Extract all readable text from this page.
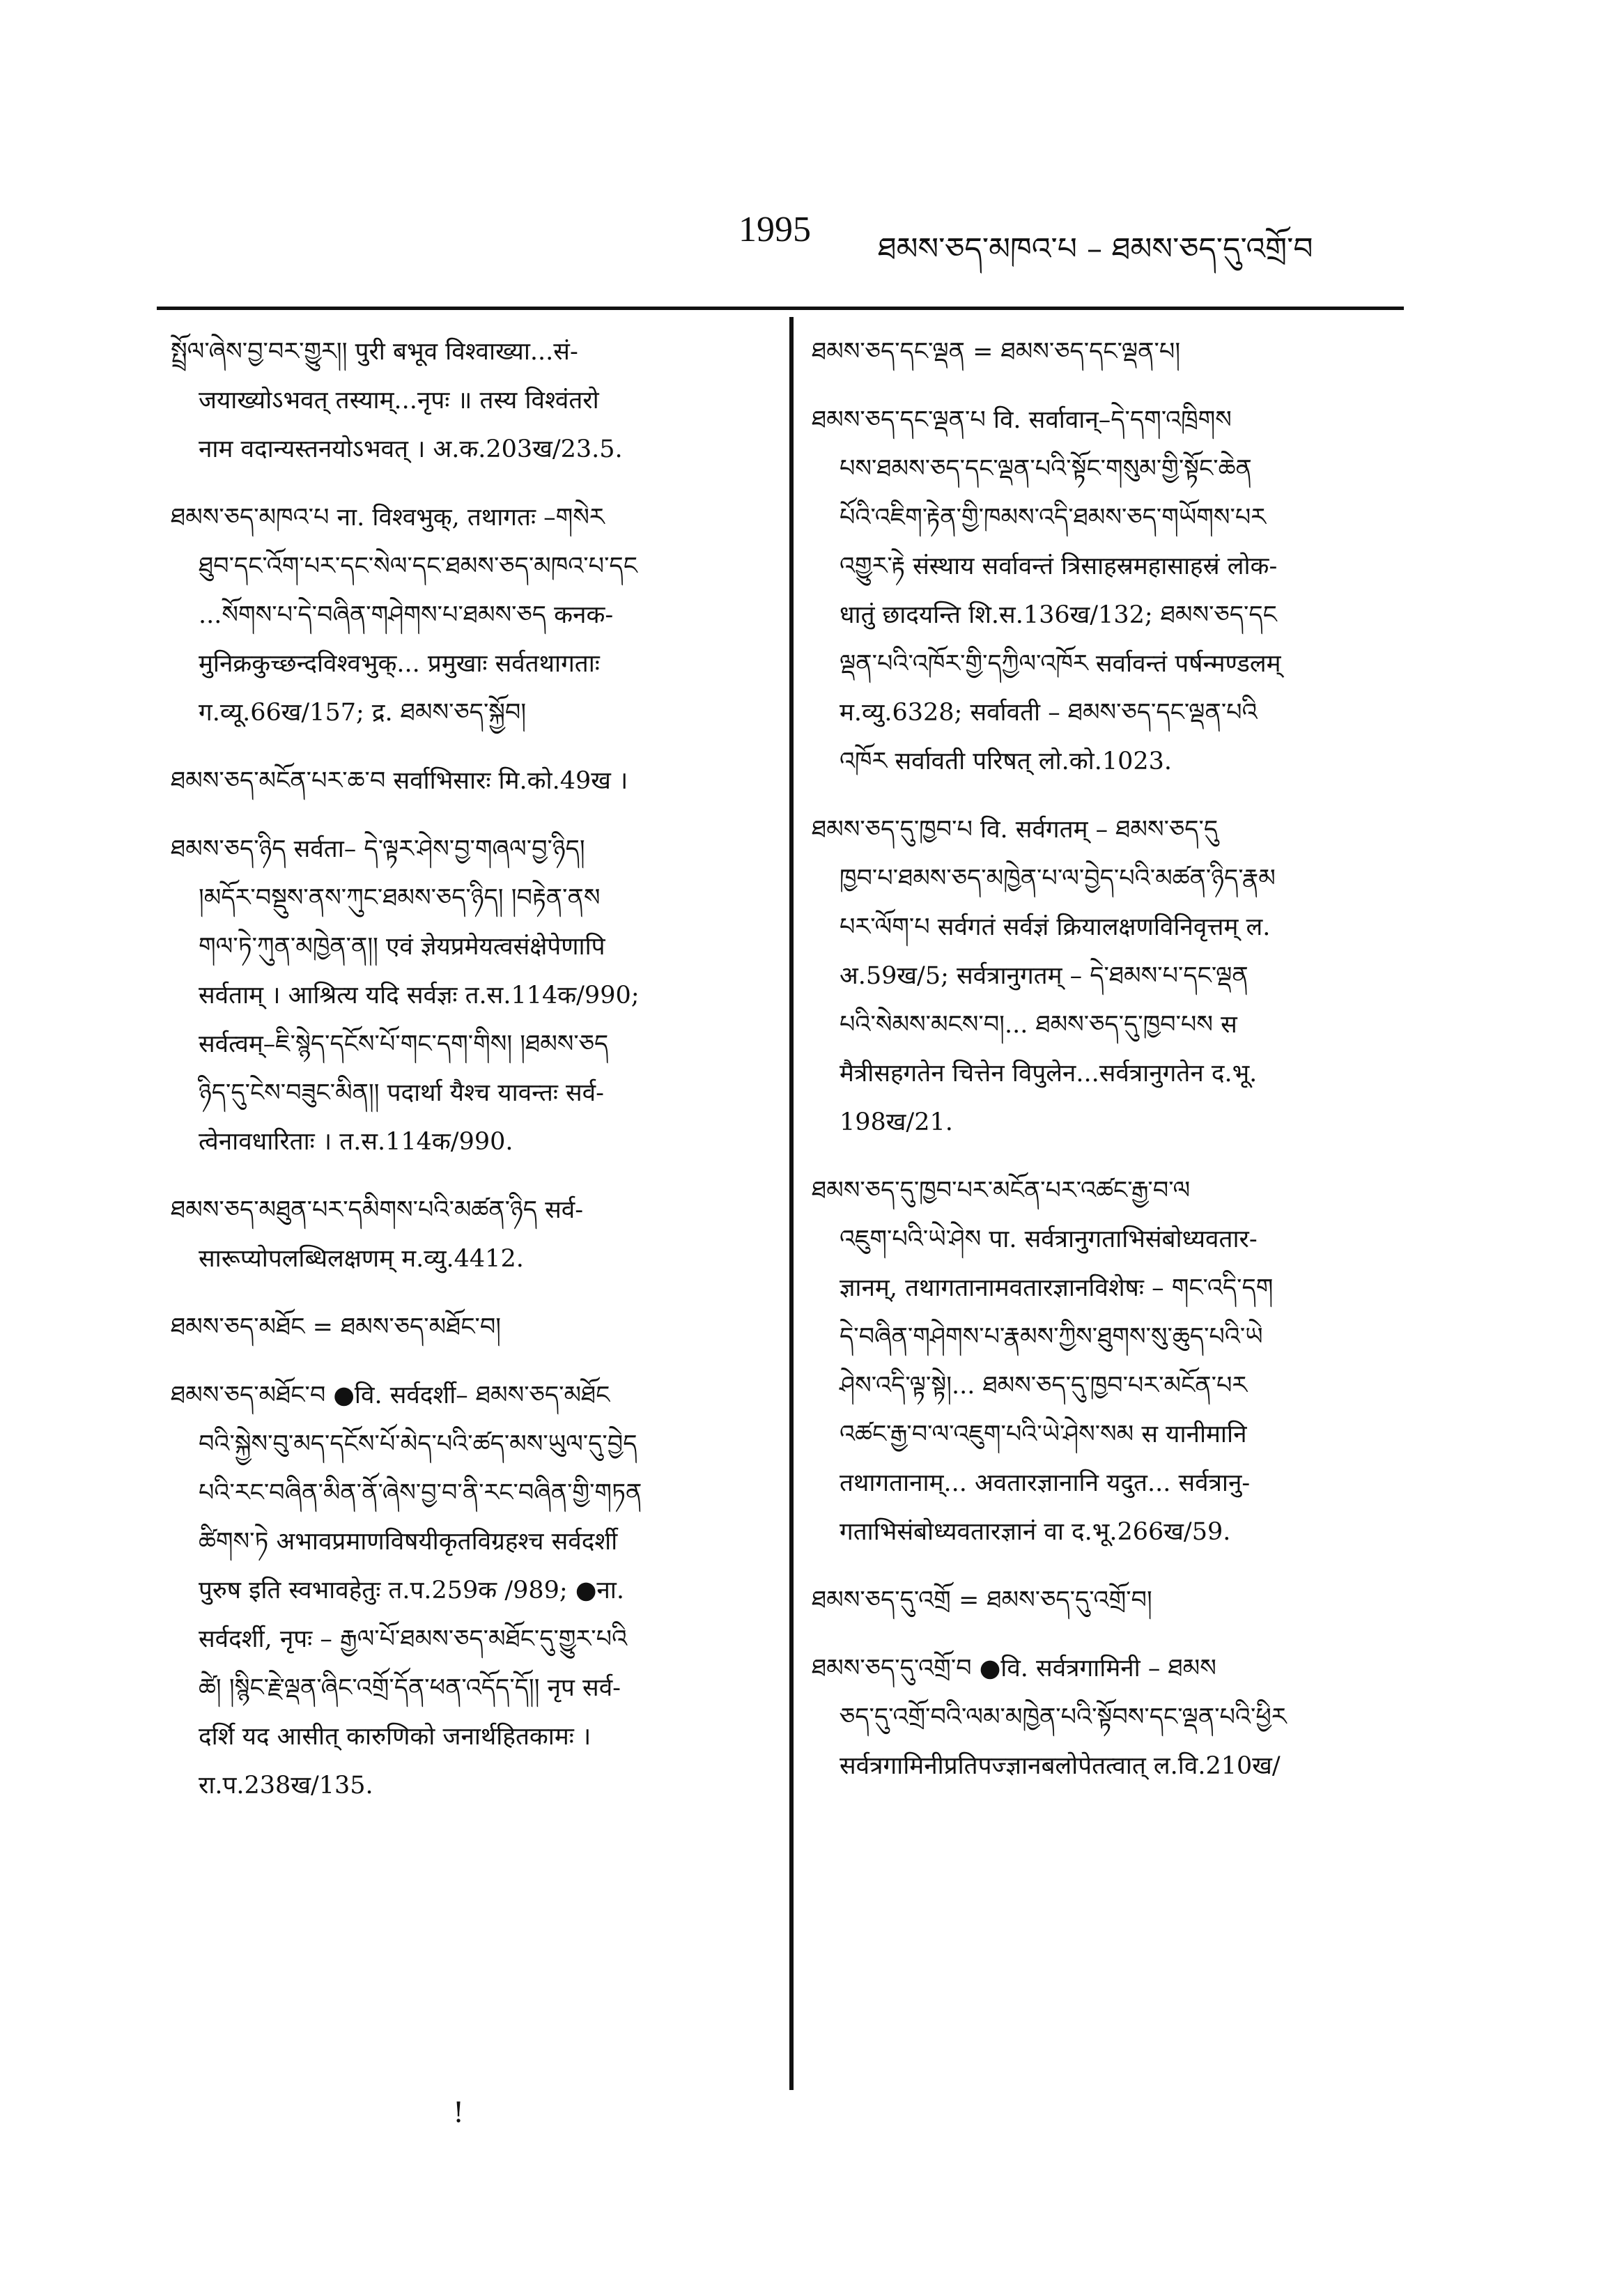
1995 ཐམས་ཅད་མཁའ་པ – ཐམས་ཅད་དུ་འགྲོ་བ
སྤྲོལ་ཞེས་བྱ་བར་གྱུར།། पुरी बभूव विश्वाख्या...सं-
जयाख्योऽभवत् तस्याम्...नृपः ॥ तस्य विश्वंतरो
नाम वदान्यस्तनयोऽभवत् । अ.क.203ख/23.5.
ཐམས་ཅད་མཁའ་པ ना. विश्वभुक्, तथागतः –གསེར
ཐུབ་དང་འོག་པར་དང་སེལ་དང་ཐམས་ཅད་མཁའ་པ་དང
...སོགས་པ་དེ་བཞིན་གཤེགས་པ་ཐམས་ཅད कनक-
मुनिक्रकुच्छन्दविश्वभुक्... प्रमुखाः सर्वतथागताः
ग.व्यू.66ख/157; द्र. ཐམས་ཅད་སྐྱོབ།
ཐམས་ཅད་མངོན་པར་ཆ་བ सर्वाभिसारः मि.को.49ख ।
ཐམས་ཅད་ཉིད सर्वता– དེ་ལྟར་ཤེས་བྱ་གཞལ་བྱ་ཉིད།
།མདོར་བསྡུས་ནས་ཀུང་ཐམས་ཅད་ཉིད། །བརྟེན་ནས
གལ་ཏེ་ཀུན་མཁྱེན་ན།། एवं ज्ञेयप्रमेयत्वसंक्षेपेणापि
सर्वताम् । आश्रित्य यदि सर्वज्ञः त.स.114क/990;
सर्वत्वम्–ཇི་སྙེད་དངོས་པོ་གང་དག་གིས། །ཐམས་ཅད
ཉིད་དུ་ངེས་བཟུང་མིན།། पदार्था यैश्च यावन्तः सर्व-
त्वेनावधारिताः । त.स.114क/990.
ཐམས་ཅད་མཐུན་པར་དམིགས་པའི་མཚན་ཉིད सर्व-
सारूप्योपलब्धिलक्षणम् म.व्यु.4412.
ཐམས་ཅད་མཐོང = ཐམས་ཅད་མཐོང་བ།
ཐམས་ཅད་མཐོང་བ ●वि. सर्वदर्शी– ཐམས་ཅད་མཐོང
བའི་སྐྱེས་བུ་མད་དངོས་པོ་མེད་པའི་ཚད་མས་ཡུལ་དུ་བྱེད
པའི་རང་བཞིན་མིན་ནོ་ཞེས་བྱ་བ་ནི་རང་བཞིན་གྱི་གཏན
ཚིགས་ཏེ अभावप्रमाणविषयीकृतविग्रहश्च सर्वदर्शी
पुरुष इति स्वभावहेतुः त.प.259क /989; ●ना.
सर्वदर्शी, नृपः – རྒྱལ་པོ་ཐམས་ཅད་མཐོང་དུ་གྱུར་པའི
ཚེ། །སྙིང་རྗེ་ལྡན་ཞིང་འགྲོ་དོན་ཕན་འདོད་དོ།། नृप सर्व-
दर्शि यद आसीत् कारुणिको जनार्थहितकामः ।
रा.प.238ख/135.
ཐམས་ཅད་དང་ལྡན = ཐམས་ཅད་དང་ལྡན་པ།
ཐམས་ཅད་དང་ལྡན་པ वि. सर्वावान्–དེ་དག་འཁྲིགས
པས་ཐམས་ཅད་དང་ལྡན་པའི་སྟོང་གསུམ་གྱི་སྟོང་ཆེན
པོའི་འཇིག་རྟེན་གྱི་ཁམས་འདི་ཐམས་ཅད་གཡོགས་པར
འགྱུར་རྟེ संस्थाय सर्वावन्तं त्रिसाहस्रमहासाहस्रं लोक-
धातुं छादयन्ति शि.स.136ख/132; ཐམས་ཅད་དང
ལྡན་པའི་འཁོར་གྱི་དཀྱིལ་འཁོར सर्वावन्तं पर्षन्मण्डलम्
म.व्यु.6328; सर्वावती – ཐམས་ཅད་དང་ལྡན་པའི
འཁོར सर्वावती परिषत् लो.को.1023.
ཐམས་ཅད་དུ་ཁྱབ་པ वि. सर्वगतम् – ཐམས་ཅད་དུ
ཁྱབ་པ་ཐམས་ཅད་མཁྱེན་པ་ལ་བྱེད་པའི་མཚན་ཉིད་རྣམ
པར་ལོག་པ सर्वगतं सर्वज्ञं क्रियालक्षणविनिवृत्तम् ल.
अ.59ख/5; सर्वत्रानुगतम् – དེ་ཐམས་པ་དང་ལྡན
པའི་སེམས་མངས་བ།... ཐམས་ཅད་དུ་ཁྱབ་པས स
मैत्रीसहगतेन चित्तेन विपुलेन...सर्वत्रानुगतेन द.भू.
198ख/21.
ཐམས་ཅད་དུ་ཁྱབ་པར་མངོན་པར་འཚང་རྒྱ་བ་ལ
འཇུག་པའི་ཡེ་ཤེས पा. सर्वत्रानुगताभिसंबोध्यवतार-
ज्ञानम्, तथागतानामवतारज्ञानविशेषः – གང་འདི་དག
དེ་བཞིན་གཤེགས་པ་རྣམས་ཀྱིས་ཐུགས་སུ་ཆུད་པའི་ཡེ
ཤེས་འདི་ལྟ་སྟེ།... ཐམས་ཅད་དུ་ཁྱབ་པར་མངོན་པར
འཚང་རྒྱ་བ་ལ་འཇུག་པའི་ཡེ་ཤེས་སམ स यानीमानि
तथागतानाम्... अवतारज्ञानानि यदुत... सर्वत्रानु-
गताभिसंबोध्यवतारज्ञानं वा द.भू.266ख/59.
ཐམས་ཅད་དུ་འགྲོ = ཐམས་ཅད་དུ་འགྲོ་བ།
ཐམས་ཅད་དུ་འགྲོ་བ ●वि. सर्वत्रगामिनी – ཐམས
ཅད་དུ་འགྲོ་བའི་ལམ་མཁྱེན་པའི་སྟོབས་དང་ལྡན་པའི་ཕྱིར
सर्वत्रगामिनीप्रतिपज्ज्ञानबलोपेतत्वात् ल.वि.210ख/
!
